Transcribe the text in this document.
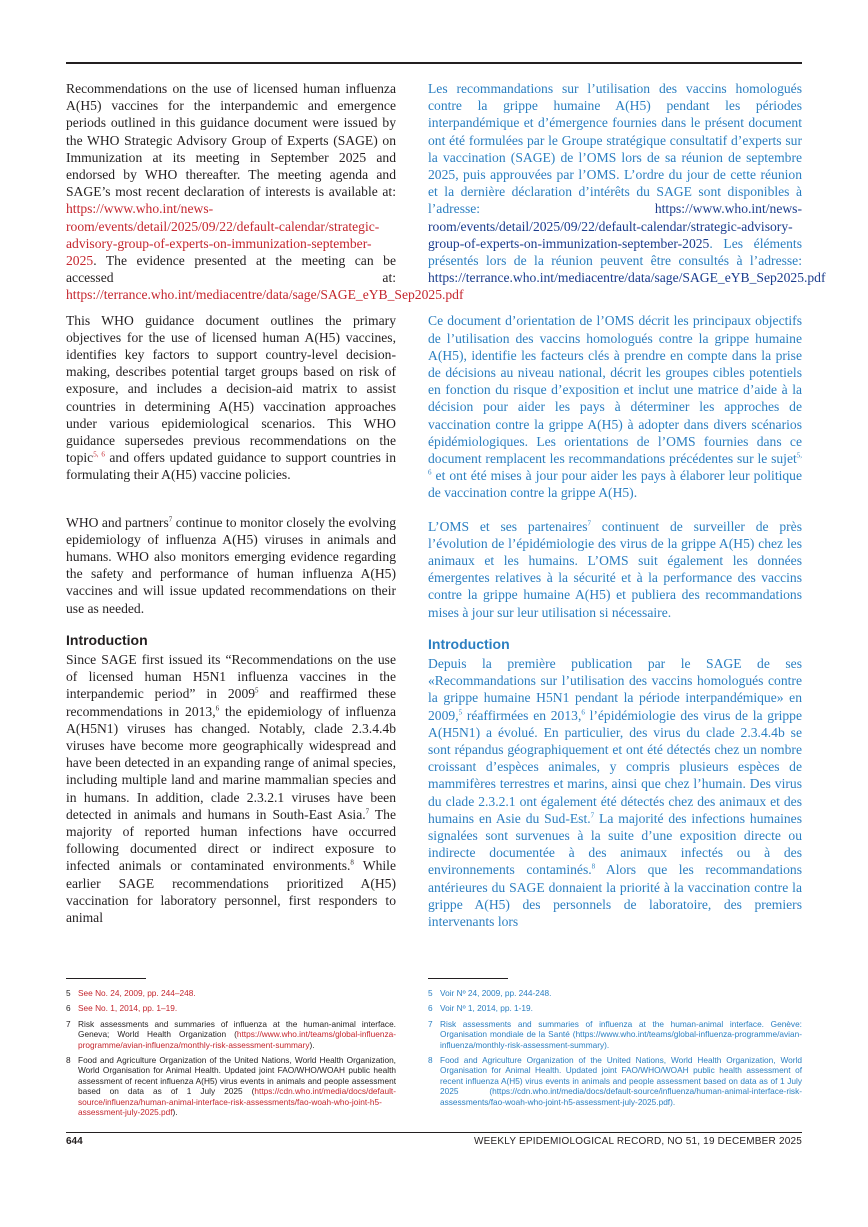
Recommendations on the use of licensed human influenza A(H5) vaccines for the interpandemic and emergence periods outlined in this guidance document were issued by the WHO Strategic Advisory Group of Experts (SAGE) on Immunization at its meeting in September 2025 and endorsed by WHO thereafter. The meeting agenda and SAGE’s most recent declaration of interests is available at: https://www.who.int/news-room/events/detail/2025/09/22/default-calendar/strategic-advisory-group-of-experts-on-immunization-september-2025. The evidence presented at the meeting can be accessed at: https://terrance.who.int/mediacentre/data/sage/SAGE_eYB_Sep2025.pdf

This WHO guidance document outlines the primary objectives for the use of licensed human A(H5) vaccines, identifies key factors to support country-level decision-making, describes potential target groups based on risk of exposure, and includes a decision-aid matrix to assist countries in determining A(H5) vaccination approaches under various epidemiological scenarios. This WHO guidance supersedes previous recommendations on the topic$^{5, 6}$ and offers updated guidance to support countries in formulating their A(H5) vaccine policies.

WHO and partners$^7$ continue to monitor closely the evolving epidemiology of influenza A(H5) viruses in animals and humans. WHO also monitors emerging evidence regarding the safety and performance of human influenza A(H5) vaccines and will issue updated recommendations on their use as needed.

Introduction

Since SAGE first issued its “Recommendations on the use of licensed human H5N1 influenza vaccines in the interpandemic period” in 2009$^5$ and reaffirmed these recommendations in 2013,$^6$ the epidemiology of influenza A(H5N1) viruses has changed. Notably, clade 2.3.4.4b viruses have become more geographically widespread and have been detected in an expanding range of animal species, including multiple land and marine mammalian species and in humans. In addition, clade 2.3.2.1 viruses have been detected in animals and humans in South-East Asia.$^7$ The majority of reported human infections have occurred following documented direct or indirect exposure to infected animals or contaminated environments.$^8$ While earlier SAGE recommendations prioritized A(H5) vaccination for laboratory personnel, first responders to animal

Les recommandations sur l’utilisation des vaccins homologués contre la grippe humaine A(H5) pendant les périodes interpandémique et d’émergence fournies dans le présent document ont été formulées par le Groupe stratégique consultatif d’experts sur la vaccination (SAGE) de l’OMS lors de sa réunion de septembre 2025, puis approuvées par l’OMS. L’ordre du jour de cette réunion et la dernière déclaration d’intérêts du SAGE sont disponibles à l’adresse: https://www.who.int/news-room/events/detail/2025/09/22/default-calendar/strategic-advisory-group-of-experts-on-immunization-september-2025. Les éléments présentés lors de la réunion peuvent être consultés à l’adresse: https://terrance.who.int/mediacentre/data/sage/SAGE_eYB_Sep2025.pdf

Ce document d’orientation de l’OMS décrit les principaux objectifs de l’utilisation des vaccins homologués contre la grippe humaine A(H5), identifie les facteurs clés à prendre en compte dans la prise de décisions au niveau national, décrit les groupes cibles potentiels en fonction du risque d’exposition et inclut une matrice d’aide à la décision pour aider les pays à déterminer les approches de vaccination contre la grippe A(H5) à adopter dans divers scénarios épidémiologiques. Les orientations de l’OMS fournies dans ce document remplacent les recommandations précédentes sur le sujet$^{5, 6}$ et ont été mises à jour pour aider les pays à élaborer leur politique de vaccination contre la grippe A(H5).

L’OMS et ses partenaires$^7$ continuent de surveiller de près l’évolution de l’épidémiologie des virus de la grippe A(H5) chez les animaux et les humains. L’OMS suit également les données émergentes relatives à la sécurité et à la performance des vaccins contre la grippe humaine A(H5) et publiera des recommandations mises à jour sur leur utilisation si nécessaire.

Introduction

Depuis la première publication par le SAGE de ses «Recommandations sur l’utilisation des vaccins homologués contre la grippe humaine H5N1 pendant la période interpandémique» en 2009,$^5$ réaffirmées en 2013,$^6$ l’épidémiologie des virus de la grippe A(H5N1) a évolué. En particulier, des virus du clade 2.3.4.4b se sont répandus géographiquement et ont été détectés chez un nombre croissant d’espèces animales, y compris plusieurs espèces de mammifères terrestres et marins, ainsi que chez l’humain. Des virus du clade 2.3.2.1 ont également été détectés chez des animaux et des humains en Asie du Sud-Est.$^7$ La majorité des infections humaines signalées sont survenues à la suite d’une exposition directe ou indirecte documentée à des animaux infectés ou à des environnements contaminés.$^8$ Alors que les recommandations antérieures du SAGE donnaient la priorité à la vaccination contre la grippe A(H5) des personnels de laboratoire, des premiers intervenants lors

5 See No. 24, 2009, pp. 244–248.
6 See No. 1, 2014, pp. 1–19.
7 Risk assessments and summaries of influenza at the human-animal interface. Geneva; World Health Organization (https://www.who.int/teams/global-influenza-programme/avian-influenza/monthly-risk-assessment-summary).
8 Food and Agriculture Organization of the United Nations, World Health Organization, World Organisation for Animal Health. Updated joint FAO/WHO/WOAH public health assessment of recent influenza A(H5) virus events in animals and people assessment based on data as of 1 July 2025 (https://cdn.who.int/media/docs/default-source/influenza/human-animal-interface-risk-assessments/fao-woah-who-joint-h5-assessment-july-2025.pdf).
5 Voir Nº 24, 2009, pp. 244-248.
6 Voir Nº 1, 2014, pp. 1-19.
7 Risk assessments and summaries of influenza at the human-animal interface. Genève: Organisation mondiale de la Santé (https://www.who.int/teams/global-influenza-programme/avian-influenza/monthly-risk-assessment-summary).
8 Food and Agriculture Organization of the United Nations, World Health Organization, World Organisation for Animal Health. Updated joint FAO/WHO/WOAH public health assessment of recent influenza A(H5) virus events in animals and people assessment based on data as of 1 July 2025 (https://cdn.who.int/media/docs/default-source/influenza/human-animal-interface-risk-assessments/fao-woah-who-joint-h5-assessment-july-2025.pdf).
644	WEEKLY EPIDEMIOLOGICAL RECORD, NO 51, 19 DECEMBER 2025
